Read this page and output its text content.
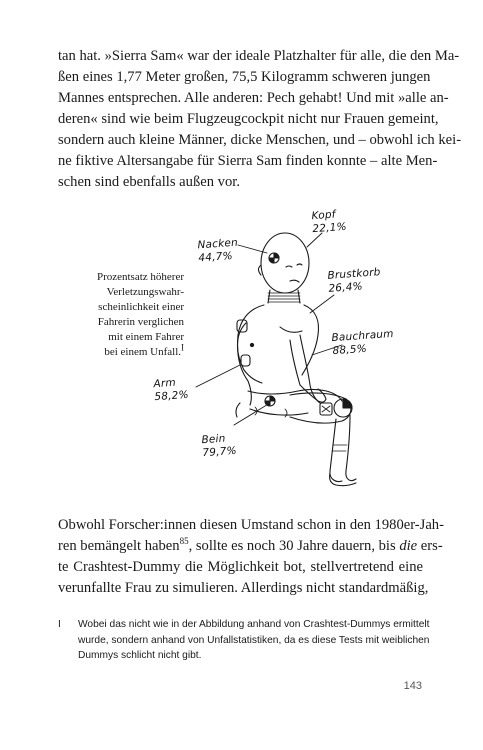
tan hat. »Sierra Sam« war der ideale Platzhalter für alle, die den Ma-
ßen eines 1,77 Meter großen, 75,5 Kilogramm schweren jungen
Mannes entsprechen. Alle anderen: Pech gehabt! Und mit »alle an-
deren« sind wie beim Flugzeugcockpit nicht nur Frauen gemeint,
sondern auch kleine Männer, dicke Menschen, und – obwohl ich kei-
ne fiktive Altersangabe für Sierra Sam finden konnte – alte Men-
schen sind ebenfalls außen vor.

Prozentsatz höherer
Verletzungswahr-
scheinlichkeit einer
Fahrerin verglichen
mit einem Fahrer
bei einem Unfall.$^I$
Nacken
44,7%
Kopf
22,1%
Brustkorb
26,4%
Bauchraum
88,5%
Arm
58,2%
Bein
79,7%

Obwohl Forscher:innen diesen Umstand schon in den 1980er-Jah-
ren bemängelt haben$^{85}$, sollte es noch 30 Jahre dauern, bis die ers-
te Crashtest-Dummy die Möglichkeit bot, stellvertretend eine
verunfallte Frau zu simulieren. Allerdings nicht standardmäßig,

I Wobei das nicht wie in der Abbildung anhand von Crashtest-Dummys ermittelt
wurde, sondern anhand von Unfallstatistiken, da es diese Tests mit weiblichen
Dummys schlicht nicht gibt.
143
